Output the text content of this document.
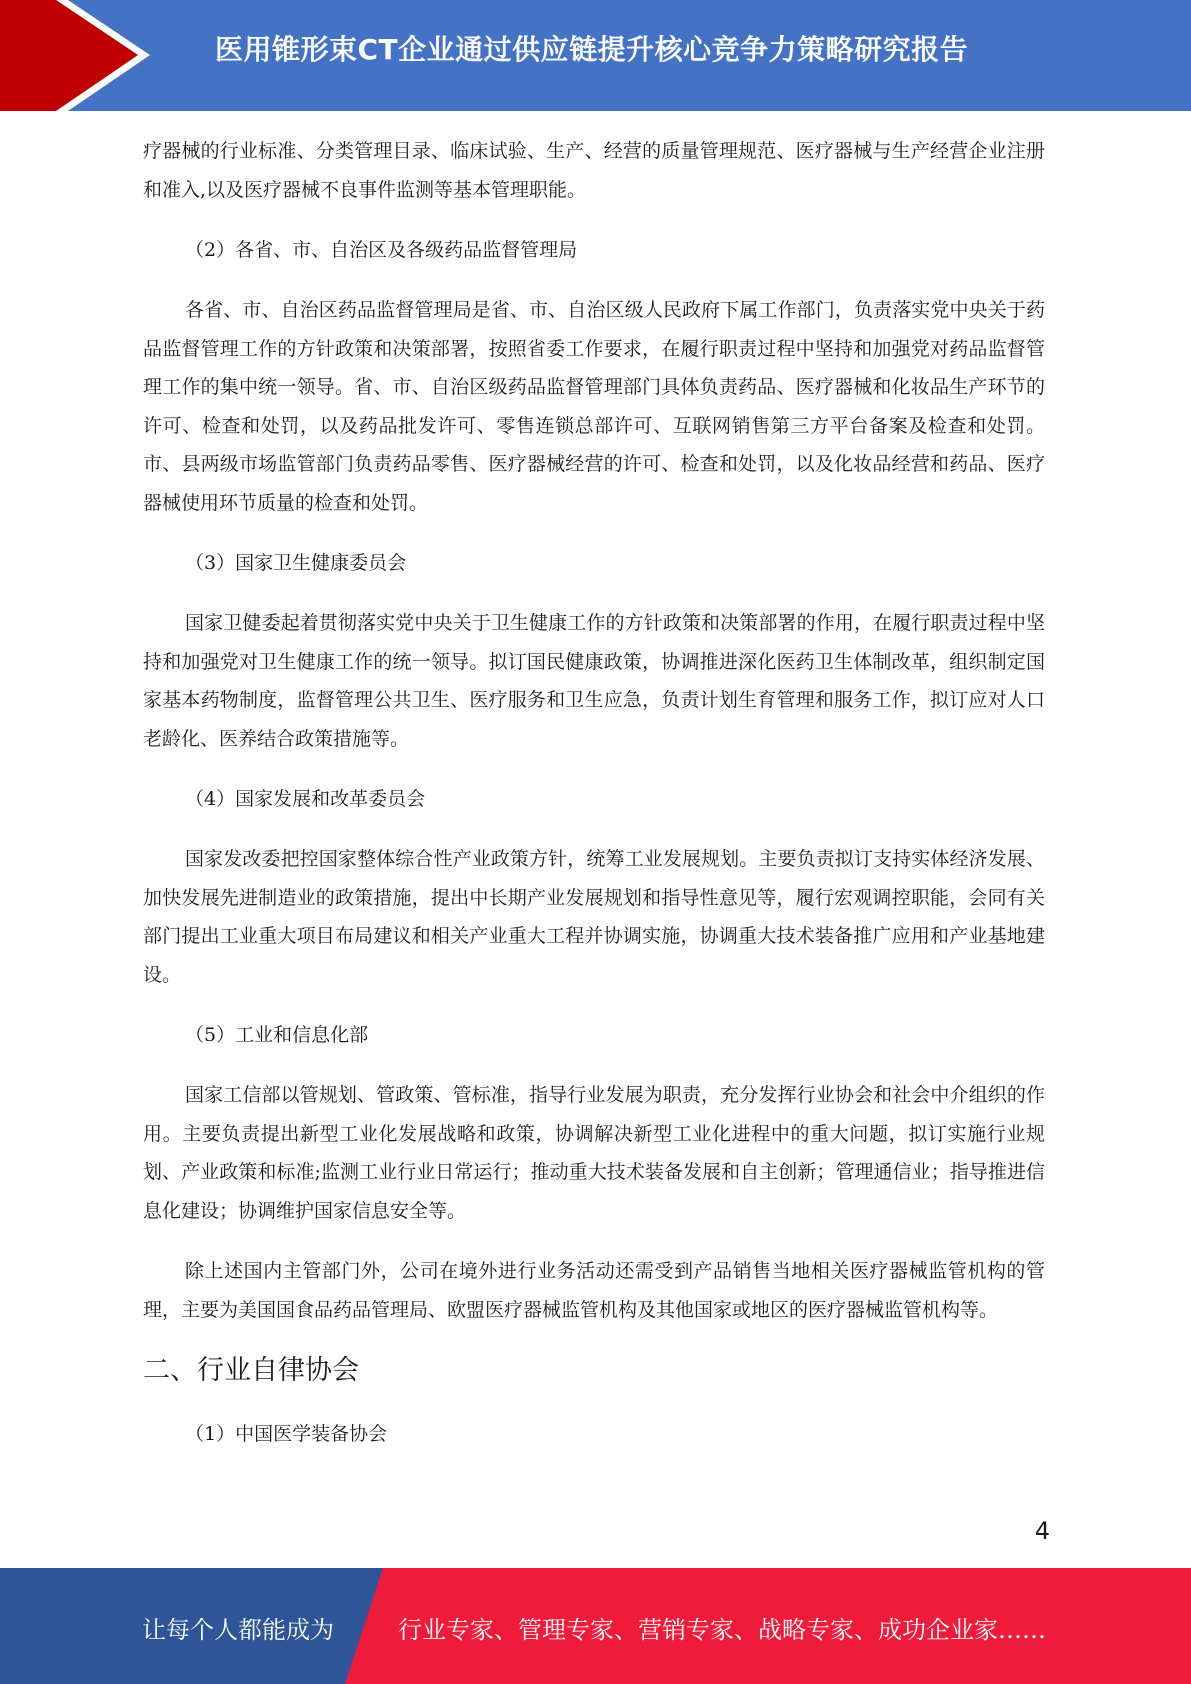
医用锥形束CT企业通过供应链提升核心竞争力策略研究报告

疗器械的行业标准、分类管理目录、临床试验、生产、经营的质量管理规范、医疗器械与生产经营企业注册和准入,以及医疗器械不良事件监测等基本管理职能。

（2）各省、市、自治区及各级药品监督管理局

各省、市、自治区药品监督管理局是省、市、自治区级人民政府下属工作部门，负责落实党中央关于药品监督管理工作的方针政策和决策部署，按照省委工作要求，在履行职责过程中坚持和加强党对药品监督管理工作的集中统一领导。省、市、自治区级药品监督管理部门具体负责药品、医疗器械和化妆品生产环节的许可、检查和处罚，以及药品批发许可、零售连锁总部许可、互联网销售第三方平台备案及检查和处罚。市、县两级市场监管部门负责药品零售、医疗器械经营的许可、检查和处罚，以及化妆品经营和药品、医疗器械使用环节质量的检查和处罚。

（3）国家卫生健康委员会

国家卫健委起着贯彻落实党中央关于卫生健康工作的方针政策和决策部署的作用，在履行职责过程中坚持和加强党对卫生健康工作的统一领导。拟订国民健康政策，协调推进深化医药卫生体制改革，组织制定国家基本药物制度，监督管理公共卫生、医疗服务和卫生应急，负责计划生育管理和服务工作，拟订应对人口老龄化、医养结合政策措施等。

（4）国家发展和改革委员会

国家发改委把控国家整体综合性产业政策方针，统筹工业发展规划。主要负责拟订支持实体经济发展、加快发展先进制造业的政策措施，提出中长期产业发展规划和指导性意见等，履行宏观调控职能，会同有关部门提出工业重大项目布局建议和相关产业重大工程并协调实施，协调重大技术装备推广应用和产业基地建设。

（5）工业和信息化部

国家工信部以管规划、管政策、管标准，指导行业发展为职责，充分发挥行业协会和社会中介组织的作用。主要负责提出新型工业化发展战略和政策，协调解决新型工业化进程中的重大问题，拟订实施行业规划、产业政策和标准;监测工业行业日常运行；推动重大技术装备发展和自主创新；管理通信业；指导推进信息化建设；协调维护国家信息安全等。

除上述国内主管部门外，公司在境外进行业务活动还需受到产品销售当地相关医疗器械监管机构的管理，主要为美国国食品药品管理局、欧盟医疗器械监管机构及其他国家或地区的医疗器械监管机构等。

二、行业自律协会

（1）中国医学装备协会

4
让每个人都能成为	行业专家、管理专家、营销专家、战略专家、成功企业家……
